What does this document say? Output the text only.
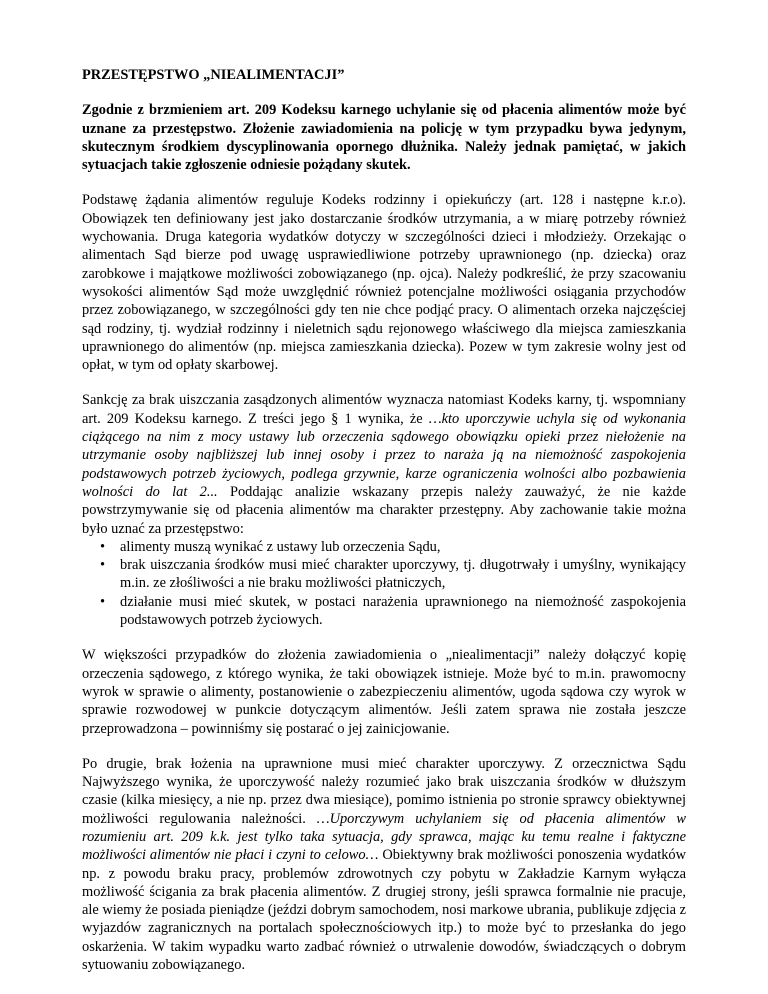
PRZESTĘPSTWO „NIEALIMENTACJI”

Zgodnie z brzmieniem art. 209 Kodeksu karnego uchylanie się od płacenia alimentów może być uznane za przestępstwo. Złożenie zawiadomienia na policję w tym przypadku bywa jedynym, skutecznym środkiem dyscyplinowania opornego dłużnika. Należy jednak pamiętać, w jakich sytuacjach takie zgłoszenie odniesie pożądany skutek.

Podstawę żądania alimentów reguluje Kodeks rodzinny i opiekuńczy (art. 128 i następne k.r.o). Obowiązek ten definiowany jest jako dostarczanie środków utrzymania, a w miarę potrzeby również wychowania. Druga kategoria wydatków dotyczy w szczególności dzieci i młodzieży. Orzekając o alimentach Sąd bierze pod uwagę usprawiedliwione potrzeby uprawnionego (np. dziecka) oraz zarobkowe i majątkowe możliwości zobowiązanego (np. ojca). Należy podkreślić, że przy szacowaniu wysokości alimentów Sąd może uwzględnić również potencjalne możliwości osiągania przychodów przez zobowiązanego, w szczególności gdy ten nie chce podjąć pracy. O alimentach orzeka najczęściej sąd rodziny, tj. wydział rodzinny i nieletnich sądu rejonowego właściwego dla miejsca zamieszkania uprawnionego do alimentów (np. miejsca zamieszkania dziecka). Pozew w tym zakresie wolny jest od opłat, w tym od opłaty skarbowej.

Sankcję za brak uiszczania zasądzonych alimentów wyznacza natomiast Kodeks karny, tj. wspomniany art. 209 Kodeksu karnego. Z treści jego § 1 wynika, że …kto uporczywie uchyla się od wykonania ciążącego na nim z mocy ustawy lub orzeczenia sądowego obowiązku opieki przez niełożenie na utrzymanie osoby najbliższej lub innej osoby i przez to naraża ją na niemożność zaspokojenia podstawowych potrzeb życiowych, podlega grzywnie, karze ograniczenia wolności albo pozbawienia wolności do lat 2... Poddając analizie wskazany przepis należy zauważyć, że nie każde powstrzymywanie się od płacenia alimentów ma charakter przestępny. Aby zachowanie takie można było uznać za przestępstwo:

• alimenty muszą wynikać z ustawy lub orzeczenia Sądu,
• brak uiszczania środków musi mieć charakter uporczywy, tj. długotrwały i umyślny, wynikający m.in. ze złośliwości a nie braku możliwości płatniczych,
• działanie musi mieć skutek, w postaci narażenia uprawnionego na niemożność zaspokojenia podstawowych potrzeb życiowych.

W większości przypadków do złożenia zawiadomienia o „niealimentacji” należy dołączyć kopię orzeczenia sądowego, z którego wynika, że taki obowiązek istnieje. Może być to m.in. prawomocny wyrok w sprawie o alimenty, postanowienie o zabezpieczeniu alimentów, ugoda sądowa czy wyrok w sprawie rozwodowej w punkcie dotyczącym alimentów. Jeśli zatem sprawa nie została jeszcze przeprowadzona – powinniśmy się postarać o jej zainicjowanie.

Po drugie, brak łożenia na uprawnione musi mieć charakter uporczywy. Z orzecznictwa Sądu Najwyższego wynika, że uporczywość należy rozumieć jako brak uiszczania środków w dłuższym czasie (kilka miesięcy, a nie np. przez dwa miesiące), pomimo istnienia po stronie sprawcy obiektywnej możliwości regulowania należności. …Uporczywym uchylaniem się od płacenia alimentów w rozumieniu art. 209 k.k. jest tylko taka sytuacja, gdy sprawca, mając ku temu realne i faktyczne możliwości alimentów nie płaci i czyni to celowo… Obiektywny brak możliwości ponoszenia wydatków np. z powodu braku pracy, problemów zdrowotnych czy pobytu w Zakładzie Karnym wyłącza możliwość ścigania za brak płacenia alimentów. Z drugiej strony, jeśli sprawca formalnie nie pracuje, ale wiemy że posiada pieniądze (jeździ dobrym samochodem, nosi markowe ubrania, publikuje zdjęcia z wyjazdów zagranicznych na portalach społecznościowych itp.) to może być to przesłanka do jego oskarżenia. W takim wypadku warto zadbać również o utrwalenie dowodów, świadczących o dobrym sytuowaniu zobowiązanego.
